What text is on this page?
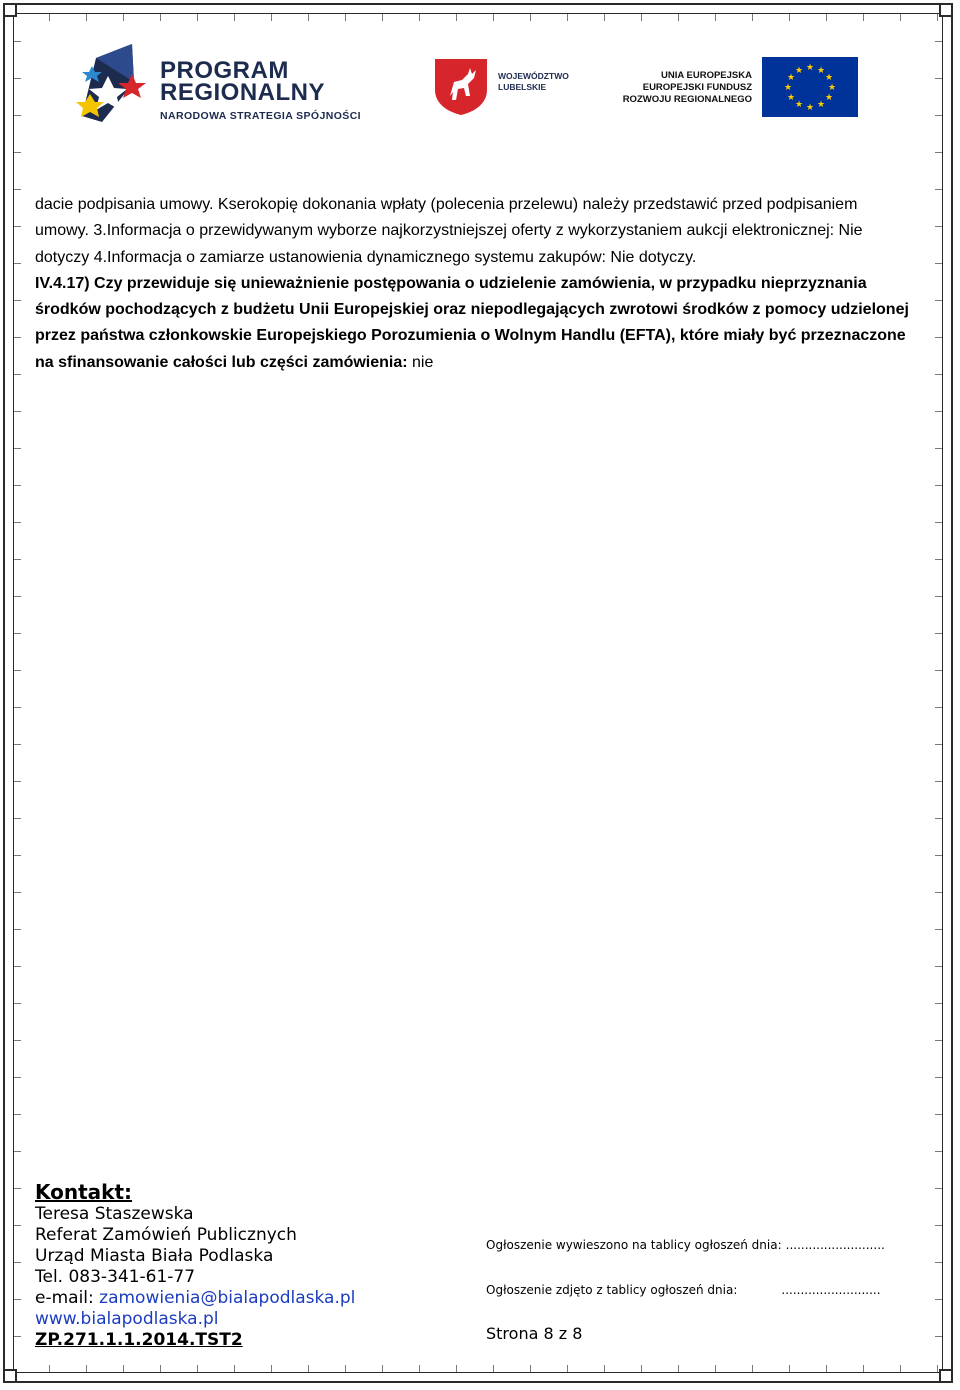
PROGRAM
REGIONALNY
NARODOWA STRATEGIA SPÓJNOŚCI
WOJEWÓDZTWO
LUBELSKIE
UNIA EUROPEJSKA
EUROPEJSKI FUNDUSZ
ROZWOJU REGIONALNEGO
★ ★
★
★
★
★
★
★
★
★
★
★

dacie podpisania umowy. Kserokopię dokonania wpłaty (polecenia przelewu) należy przedstawić przed podpisaniem umowy. 3.Informacja o przewidywanym wyborze najkorzystniejszej oferty z wykorzystaniem aukcji elektronicznej: Nie dotyczy 4.Informacja o zamiarze ustanowienia dynamicznego systemu zakupów: Nie dotyczy.

IV.4.17) Czy przewiduje się unieważnienie postępowania o udzielenie zamówienia, w przypadku nieprzyznania środków pochodzących z budżetu Unii Europejskiej oraz niepodlegających zwrotowi środków z pomocy udzielonej przez państwa członkowskie Europejskiego Porozumienia o Wolnym Handlu (EFTA), które miały być przeznaczone na sfinansowanie całości lub części zamówienia: nie

Kontakt:
Teresa Staszewska
Referat Zamówień Publicznych
Urząd Miasta Biała Podlaska
Tel. 083-341-61-77
e-mail: zamowienia@bialapodlaska.pl
www.bialapodlaska.pl
ZP.271.1.1.2014.TST2
Ogłoszenie wywieszono na tablicy ogłoszeń dnia: ..........................
Ogłoszenie zdjęto z tablicy ogłoszeń dnia:	..........................
Strona 8 z 8
